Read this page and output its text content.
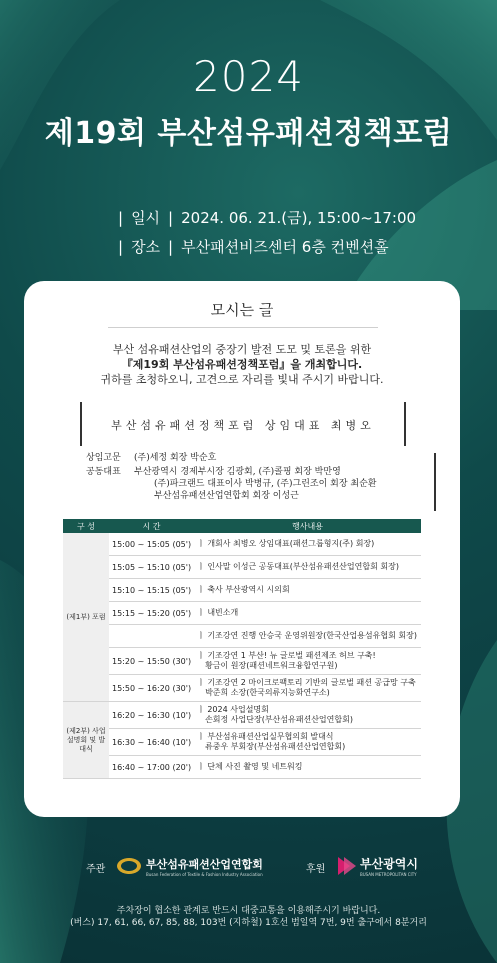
2024
제19회 부산섬유패션정책포럼
| 일시 | 2024. 06. 21.(금), 15:00~17:00
| 장소 | 부산패션비즈센터 6층 컨벤션홀
모시는 글
부산 섬유패션산업의 중장기 발전 도모 및 토론을 위한
『제19회 부산섬유패션정책포럼』을 개최합니다.
귀하를 초청하오니, 고견으로 자리를 빛내 주시기 바랍니다.
부산섬유패션정책포럼 상임대표 최병오
상임고문 (주)세정 회장 박순호
공동대표 부산광역시 경제부시장 김광회, (주)콜핑 회장 박만영
(주)파크랜드 대표이사 박병규, (주)그린조이 회장 최순환
부산섬유패션산업연합회 회장 이성근
구 성	시 간	행사내용
(제1부) 포럼	15:00 ~ 15:05 (05')	ㅣ 개회사 최병오 상임대표(패션그룹형지(주) 회장)
	15:05 ~ 15:10 (05')	ㅣ 인사말 이성근 공동대표(부산섬유패션산업연합회 회장)
	15:10 ~ 15:15 (05')	ㅣ 축사 부산광역시 시의회
	15:15 ~ 15:20 (05')	ㅣ 내빈소개
		ㅣ 기조강연 진행 안승국 운영위원장(한국산업용섬유협회 회장)
	15:20 ~ 15:50 (30')	ㅣ 기조강연 1 부산! 뉴 글로벌 패션제조 허브 구축!
황금이 원장(패션네트워크융합연구원)

	15:50 ~ 16:20 (30')	ㅣ 기조강연 2 마이크로팩토리 기반의 글로벌 패션 공급망 구축
박준희 소장(한국의류지능화연구소)

(제2부) 사업설명회 및 발대식	16:20 ~ 16:30 (10')	ㅣ 2024 사업설명회
손회정 사업단장(부산섬유패션산업연합회)

	16:30 ~ 16:40 (10')	ㅣ 부산섬유패션산업실무협의회 발대식
류중우 부회장(부산섬유패션산업연합회)

	16:40 ~ 17:00 (20')	ㅣ 단체 사진 촬영 및 네트워킹
주관	부산섬유패션산업연합회
Busan Federation of Textile & Fashion Industry Association	후원	부산광역시
BUSAN METROPOLITAN CITY
주차장이 협소한 관계로 반드시 대중교통을 이용해주시기 바랍니다.
(버스) 17, 61, 66, 67, 85, 88, 103번 (지하철) 1호선 범일역 7번, 9번 출구에서 8분거리
